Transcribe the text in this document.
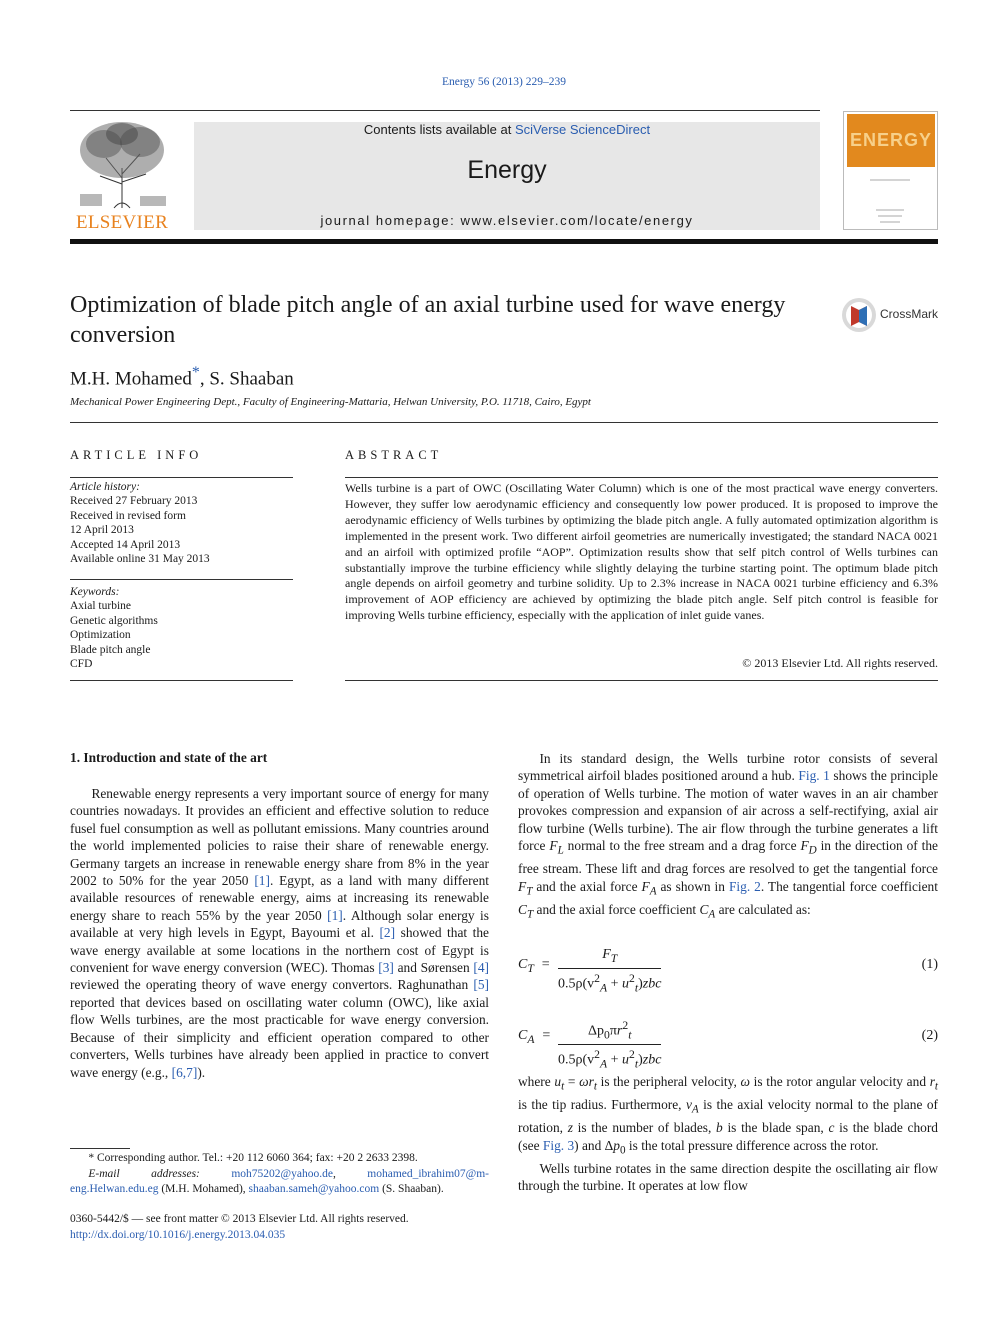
Energy 56 (2013) 229–239
ELSEVIER
Contents lists available at SciVerse ScienceDirect
Energy
journal homepage: www.elsevier.com/locate/energy
ENERGY
Optimization of blade pitch angle of an axial turbine used for wave energy conversion
CrossMark
M.H. Mohamed*, S. Shaaban
Mechanical Power Engineering Dept., Faculty of Engineering-Mattaria, Helwan University, P.O. 11718, Cairo, Egypt
ARTICLE INFO
Article history:
Received 27 February 2013
Received in revised form
12 April 2013
Accepted 14 April 2013
Available online 31 May 2013
Keywords:
Axial turbine
Genetic algorithms
Optimization
Blade pitch angle
CFD
ABSTRACT

Wells turbine is a part of OWC (Oscillating Water Column) which is one of the most practical wave energy converters. However, they suffer low aerodynamic efficiency and consequently low power produced. It is proposed to improve the aerodynamic efficiency of Wells turbines by optimizing the blade pitch angle. A fully automated optimization algorithm is implemented in the present work. Two different airfoil geometries are numerically investigated; the standard NACA 0021 and an airfoil with optimized profile “AOP”. Optimization results show that self pitch control of Wells turbines can substantially improve the turbine efficiency while slightly delaying the turbine starting point. The optimum blade pitch angle depends on airfoil geometry and turbine solidity. Up to 2.3% increase in NACA 0021 turbine efficiency and 6.3% improvement of AOP efficiency are achieved by optimizing the blade pitch angle. Self pitch control is feasible for improving Wells turbine efficiency, especially with the application of inlet guide vanes.

© 2013 Elsevier Ltd. All rights reserved.
1. Introduction and state of the art

Renewable energy represents a very important source of energy for many countries nowadays. It provides an efficient and effective solution to reduce fusel fuel consumption as well as pollutant emissions. Many countries around the world implemented policies to raise their share of renewable energy. Germany targets an increase in renewable energy share from 8% in the year 2002 to 50% for the year 2050 [1]. Egypt, as a land with many different available resources of renewable energy, aims at increasing its renewable energy share to reach 55% by the year 2050 [1]. Although solar energy is available at very high levels in Egypt, Bayoumi et al. [2] showed that the wave energy available at some locations in the northern cost of Egypt is convenient for wave energy conversion (WEC). Thomas [3] and Sørensen [4] reviewed the operating theory of wave energy convertors. Raghunathan [5] reported that devices based on oscillating water column (OWC), like axial flow Wells turbines, are the most practicable for wave energy conversion. Because of their simplicity and efficient operation compared to other converters, Wells turbines have already been applied in practice to convert wave energy (e.g., [6,7]).

In its standard design, the Wells turbine rotor consists of several symmetrical airfoil blades positioned around a hub. Fig. 1 shows the principle of operation of Wells turbine. The motion of water waves in an air chamber provokes compression and expansion of air across a self-rectifying, axial air flow turbine (Wells turbine). The air flow through the turbine generates a lift force $F_L$ normal to the free stream and a drag force $F_D$ in the direction of the free stream. These lift and drag forces are resolved to get the tangential force $F_T$ and the axial force $F_A$ as shown in Fig. 2. The tangential force coefficient $C_T$ and the axial force coefficient $C_A$ are calculated as:

$C_T$  =
$F_T$
$0.5\rho(v^2_A + u^2_t)zbc$
(1)
$C_A$  =	$\Delta p_0\pi r^2_t$
$0.5\rho(v^2_A + u^2_t)zbc$
(2)

where $u_t = \omega r_t$ is the peripheral velocity, ω is the rotor angular velocity and $r_t$ is the tip radius. Furthermore, $v_A$ is the axial velocity normal to the plane of rotation, z is the number of blades, b is the blade span, c is the blade chord (see Fig. 3) and $\Delta p_0$ is the total pressure difference across the rotor.

Wells turbine rotates in the same direction despite the oscillating air flow through the turbine. It operates at low flow

* Corresponding author. Tel.: +20 112 6060 364; fax: +20 2 2633 2398.
E-mail addresses: moh75202@yahoo.de, mohamed_ibrahim07@m-eng.Helwan.edu.eg (M.H. Mohamed), shaaban.sameh@yahoo.com (S. Shaaban).
0360-5442/$ — see front matter © 2013 Elsevier Ltd. All rights reserved.
http://dx.doi.org/10.1016/j.energy.2013.04.035
